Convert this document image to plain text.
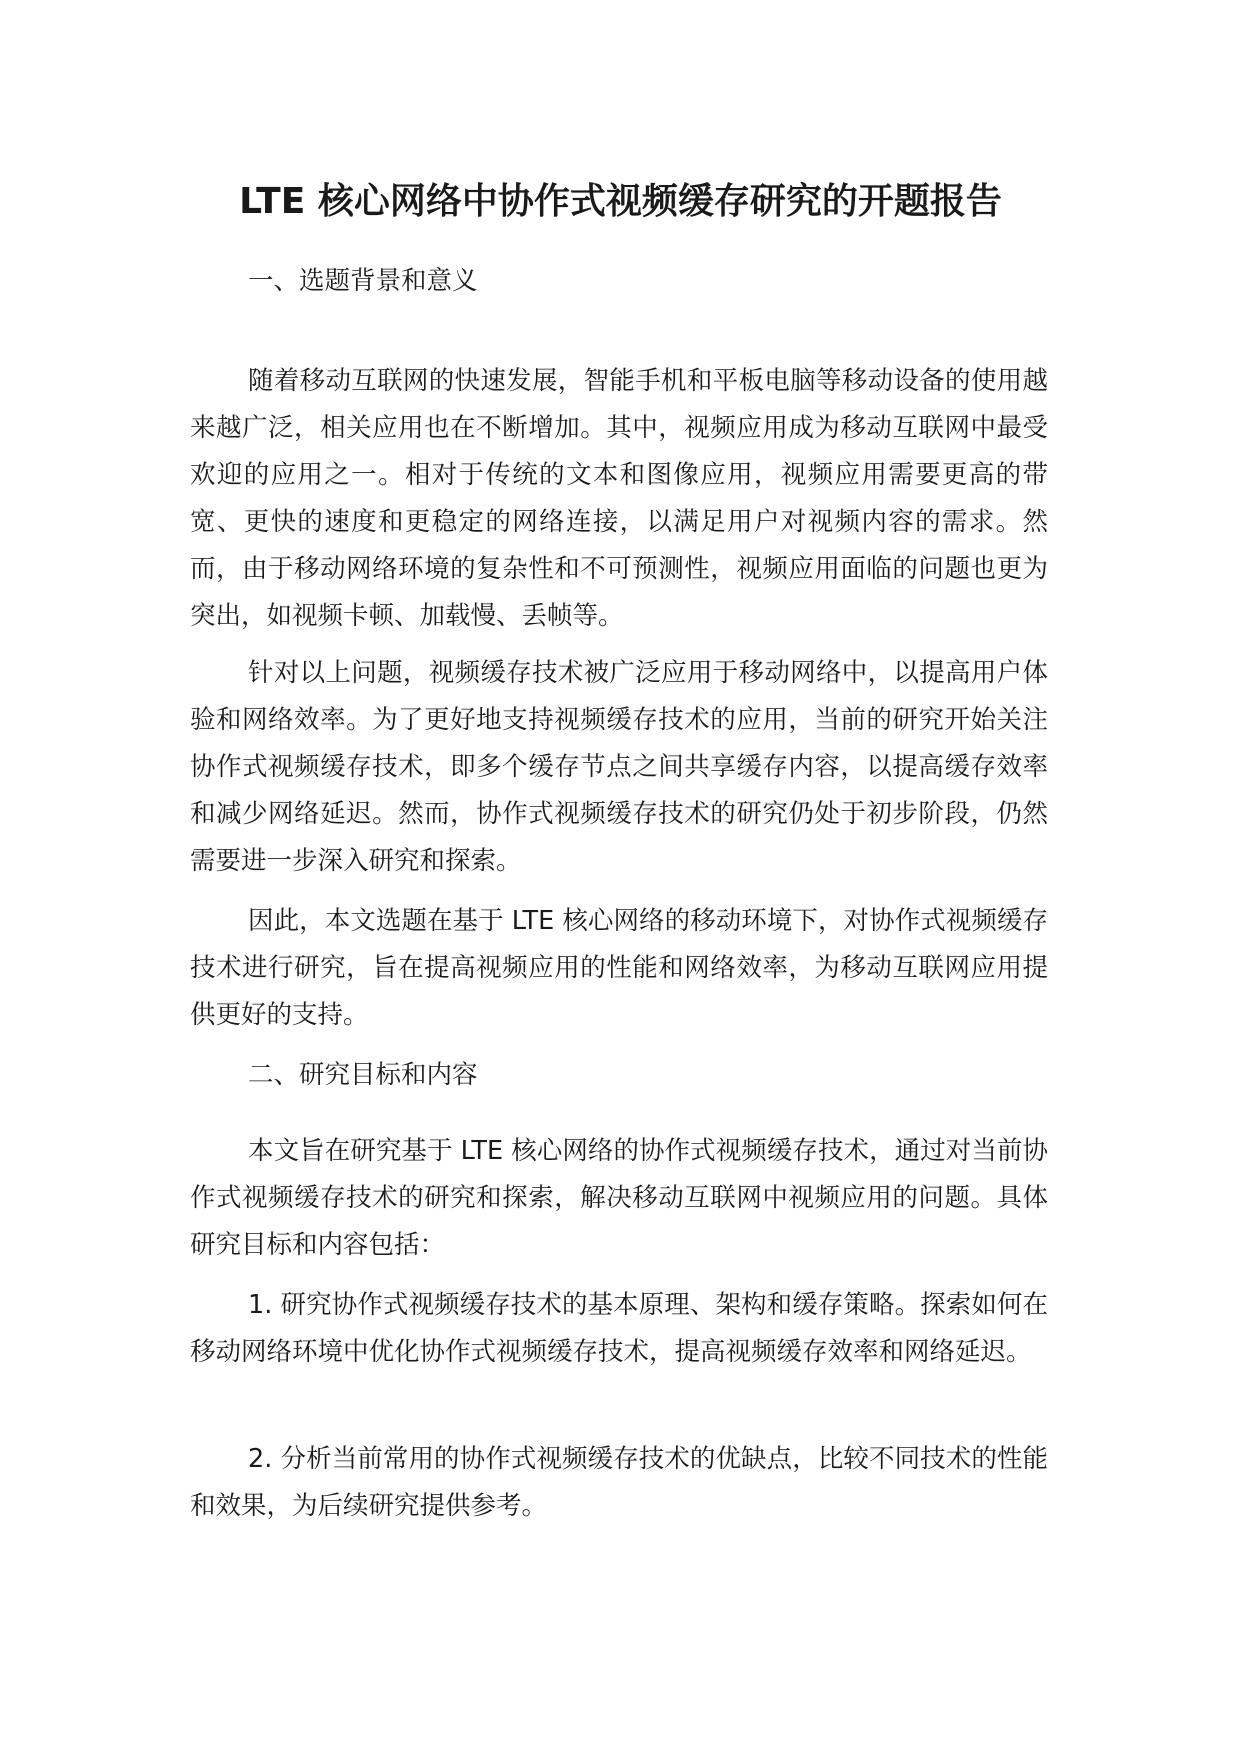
LTE 核心网络中协作式视频缓存研究的开题报告

一、选题背景和意义

随着移动互联网的快速发展，智能手机和平板电脑等移动设备的使用越来越广泛，相关应用也在不断增加。其中，视频应用成为移动互联网中最受欢迎的应用之一。相对于传统的文本和图像应用，视频应用需要更高的带宽、更快的速度和更稳定的网络连接，以满足用户对视频内容的需求。然而，由于移动网络环境的复杂性和不可预测性，视频应用面临的问题也更为突出，如视频卡顿、加载慢、丢帧等。

针对以上问题，视频缓存技术被广泛应用于移动网络中，以提高用户体验和网络效率。为了更好地支持视频缓存技术的应用，当前的研究开始关注协作式视频缓存技术，即多个缓存节点之间共享缓存内容，以提高缓存效率和减少网络延迟。然而，协作式视频缓存技术的研究仍处于初步阶段，仍然需要进一步深入研究和探索。

因此，本文选题在基于 LTE 核心网络的移动环境下，对协作式视频缓存技术进行研究，旨在提高视频应用的性能和网络效率，为移动互联网应用提供更好的支持。

二、研究目标和内容

本文旨在研究基于 LTE 核心网络的协作式视频缓存技术，通过对当前协作式视频缓存技术的研究和探索，解决移动互联网中视频应用的问题。具体研究目标和内容包括：

1. 研究协作式视频缓存技术的基本原理、架构和缓存策略。探索如何在移动网络环境中优化协作式视频缓存技术，提高视频缓存效率和网络延迟。

2. 分析当前常用的协作式视频缓存技术的优缺点，比较不同技术的性能和效果，为后续研究提供参考。
